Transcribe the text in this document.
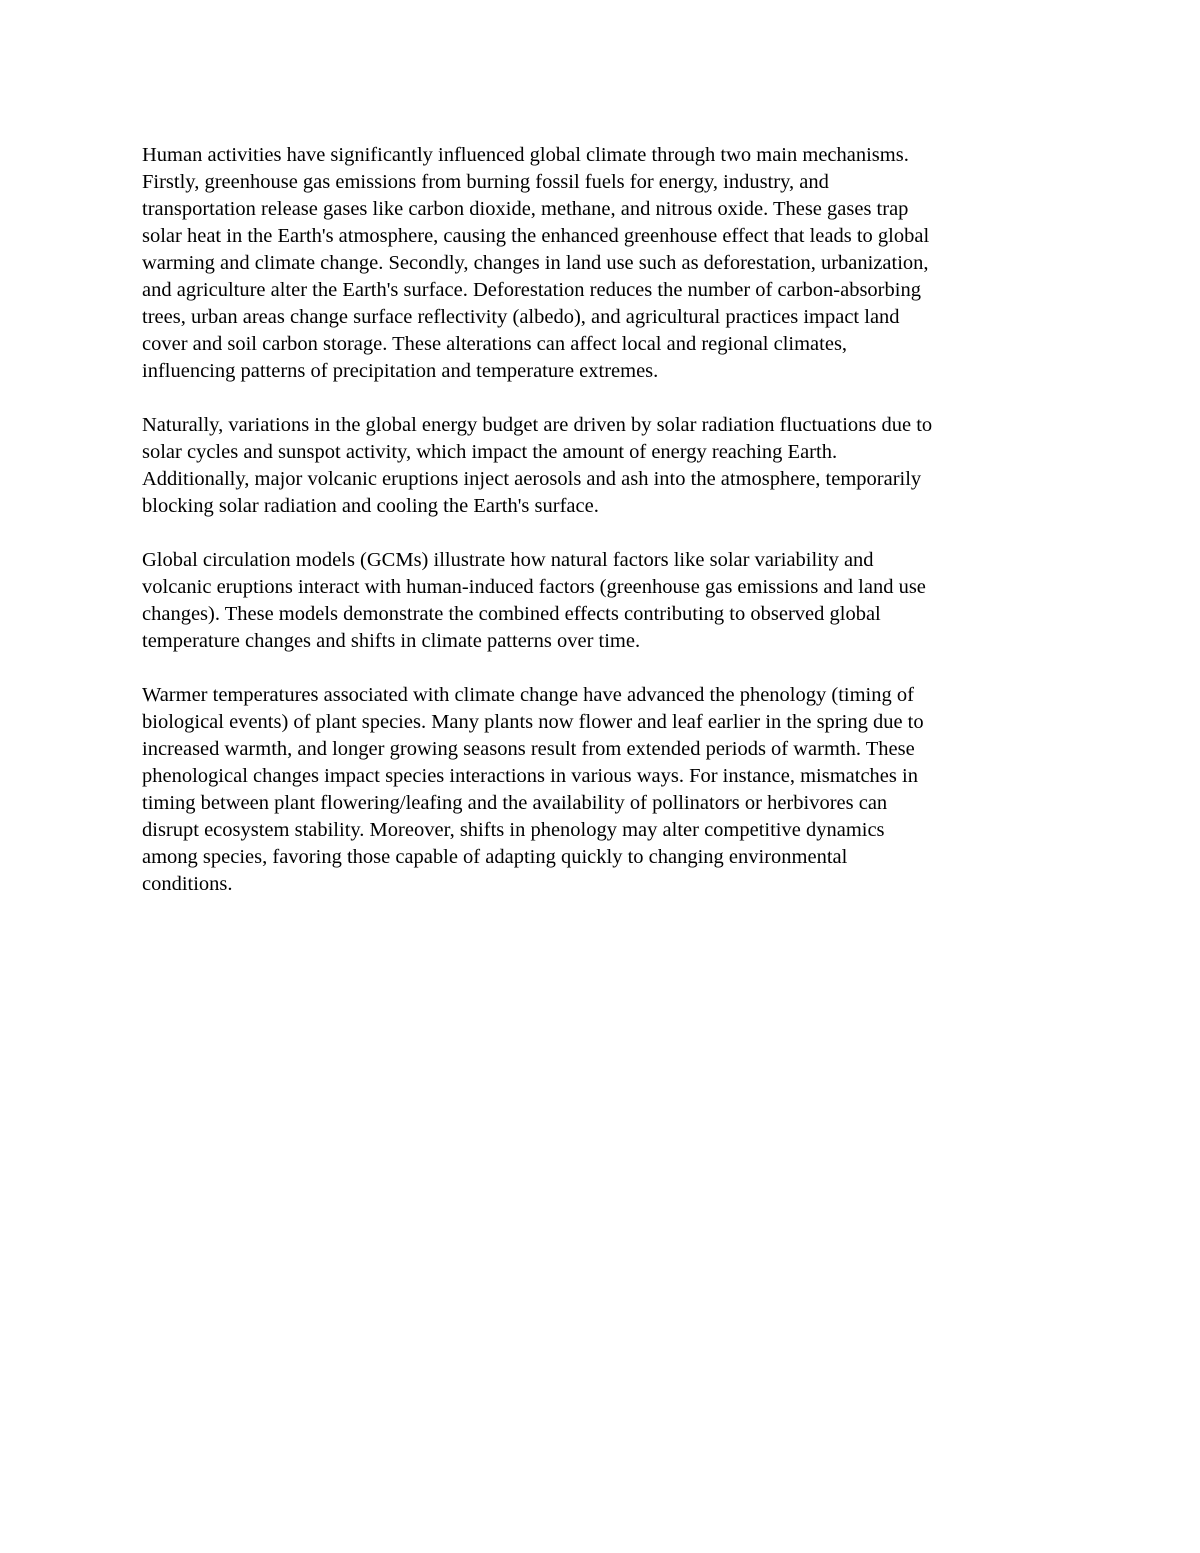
Human activities have significantly influenced global climate through two main mechanisms.
Firstly, greenhouse gas emissions from burning fossil fuels for energy, industry, and
transportation release gases like carbon dioxide, methane, and nitrous oxide. These gases trap
solar heat in the Earth's atmosphere, causing the enhanced greenhouse effect that leads to global
warming and climate change. Secondly, changes in land use such as deforestation, urbanization,
and agriculture alter the Earth's surface. Deforestation reduces the number of carbon-absorbing
trees, urban areas change surface reflectivity (albedo), and agricultural practices impact land
cover and soil carbon storage. These alterations can affect local and regional climates,
influencing patterns of precipitation and temperature extremes.

Naturally, variations in the global energy budget are driven by solar radiation fluctuations due to
solar cycles and sunspot activity, which impact the amount of energy reaching Earth.
Additionally, major volcanic eruptions inject aerosols and ash into the atmosphere, temporarily
blocking solar radiation and cooling the Earth's surface.

Global circulation models (GCMs) illustrate how natural factors like solar variability and
volcanic eruptions interact with human-induced factors (greenhouse gas emissions and land use
changes). These models demonstrate the combined effects contributing to observed global
temperature changes and shifts in climate patterns over time.

Warmer temperatures associated with climate change have advanced the phenology (timing of
biological events) of plant species. Many plants now flower and leaf earlier in the spring due to
increased warmth, and longer growing seasons result from extended periods of warmth. These
phenological changes impact species interactions in various ways. For instance, mismatches in
timing between plant flowering/leafing and the availability of pollinators or herbivores can
disrupt ecosystem stability. Moreover, shifts in phenology may alter competitive dynamics
among species, favoring those capable of adapting quickly to changing environmental
conditions.
